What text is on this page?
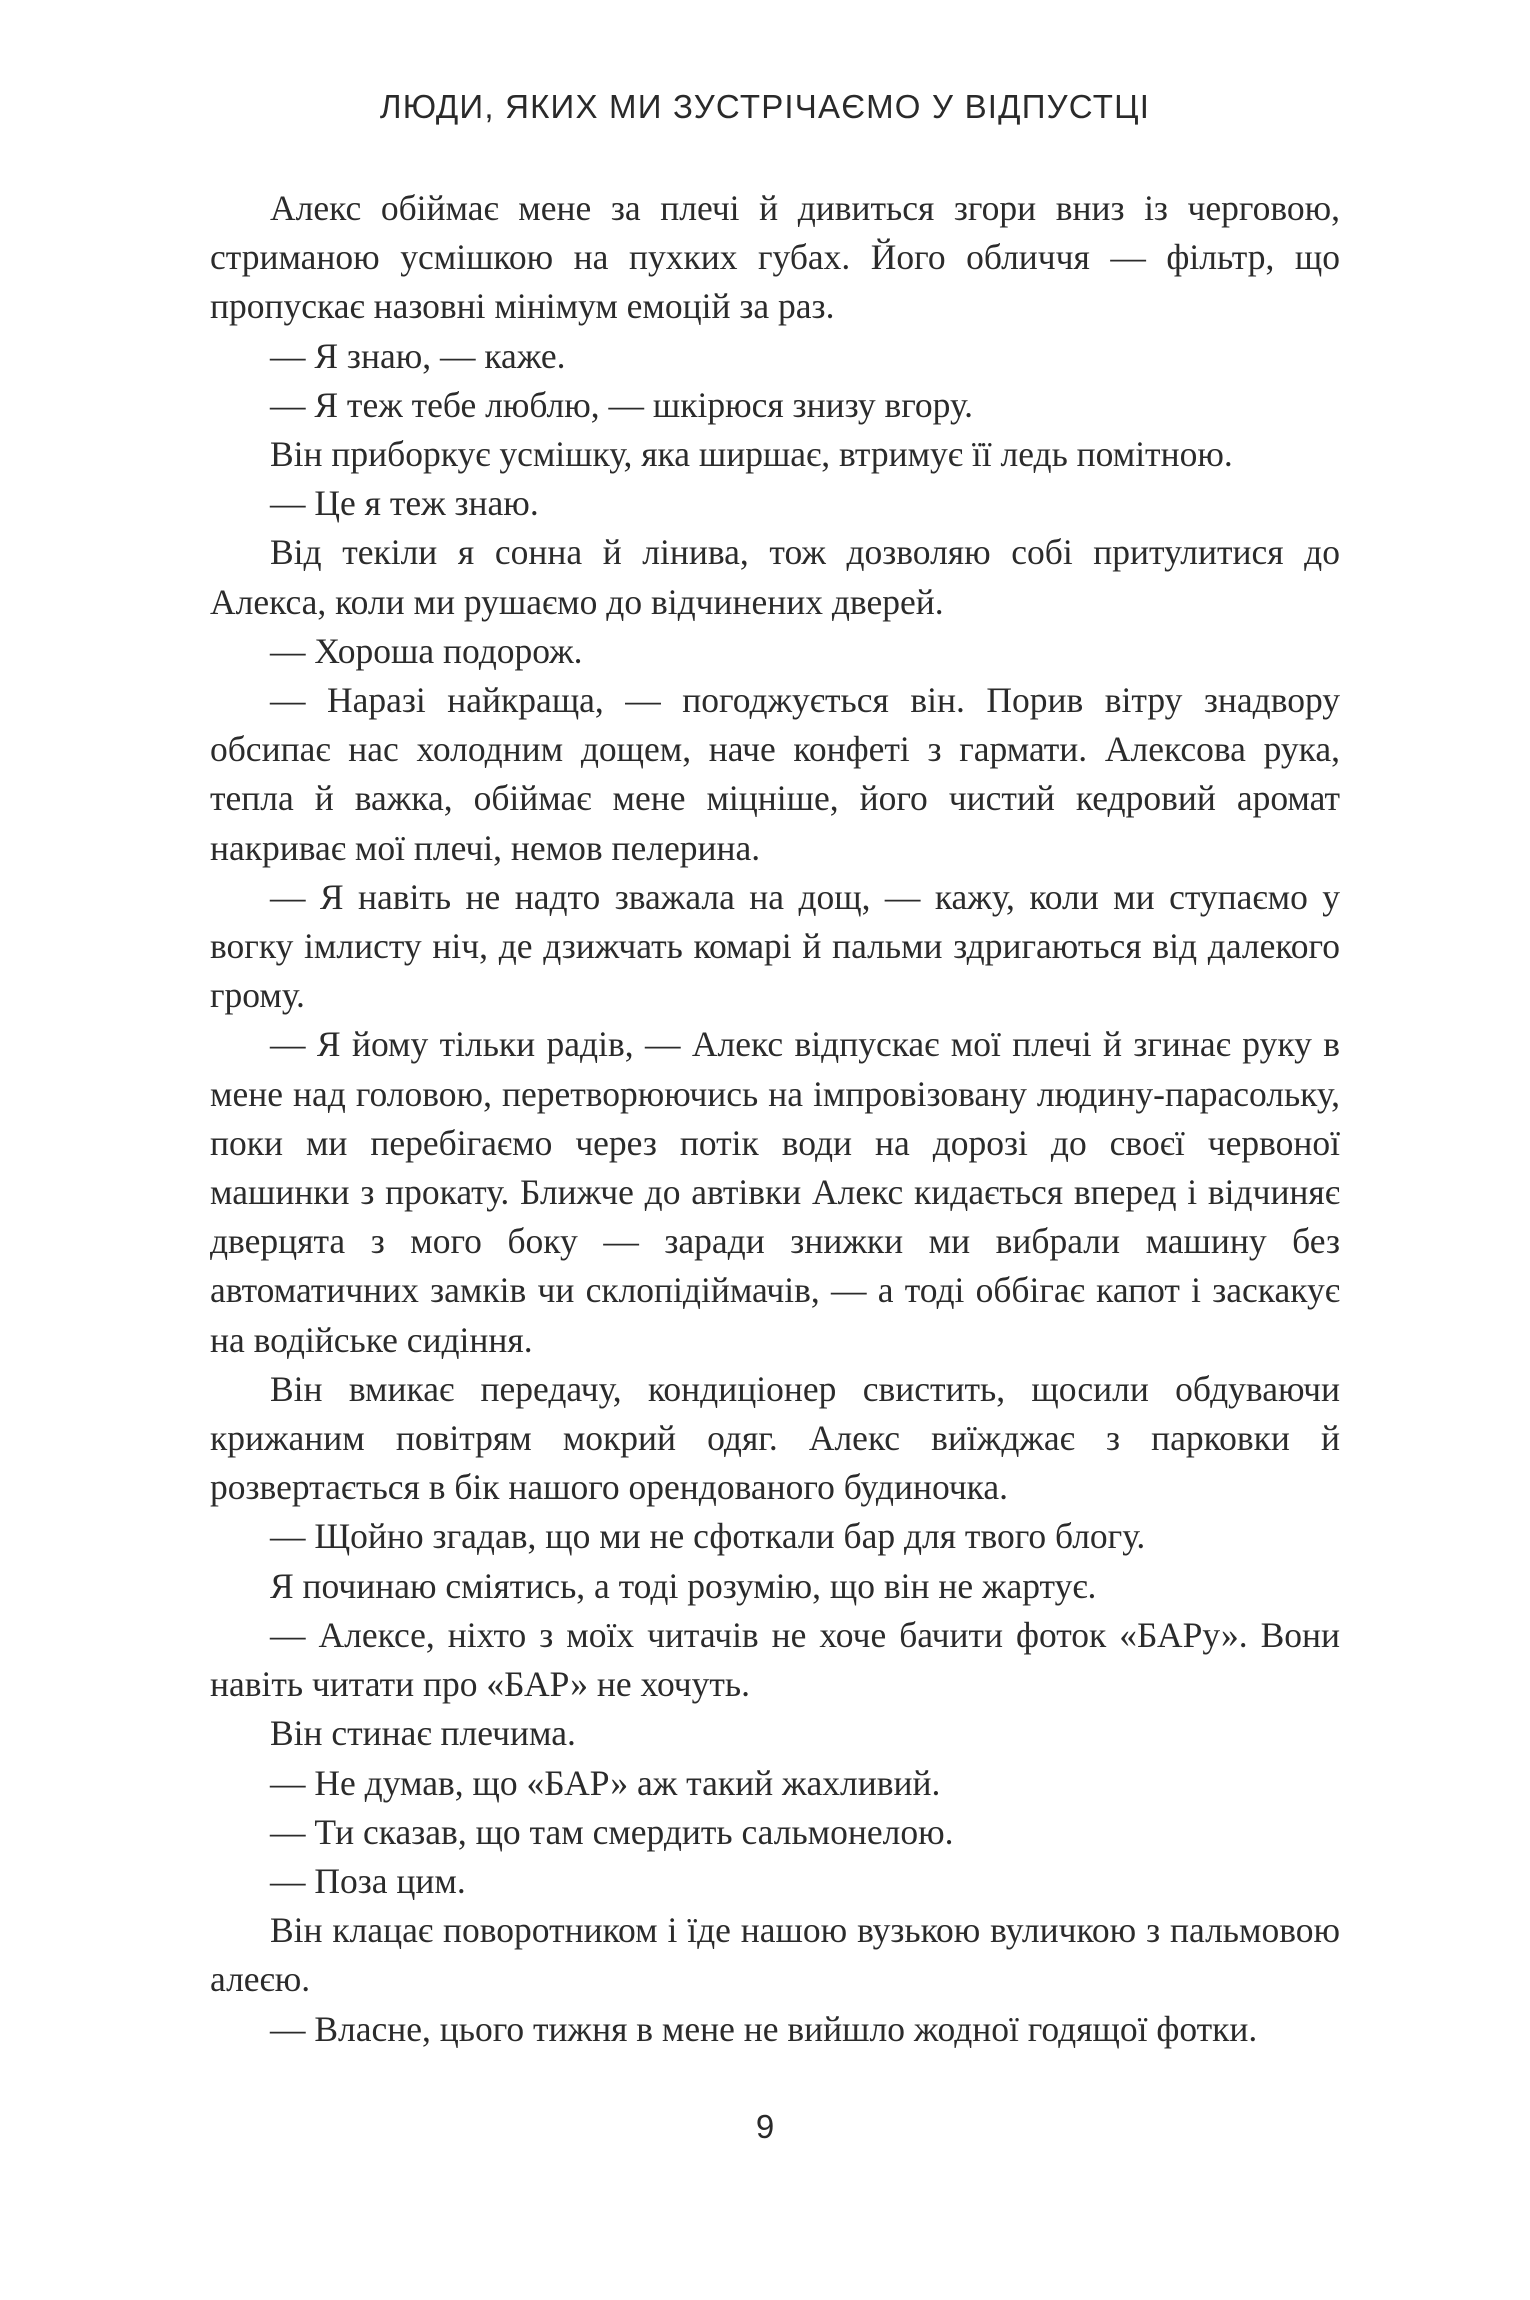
ЛЮДИ, ЯКИХ МИ ЗУСТРІЧАЄМО У ВІДПУСТЦІ

Алекс обіймає мене за плечі й дивиться згори вниз із черговою, стриманою усмішкою на пухких губах. Його обличчя — фільтр, що пропускає назовні мінімум емоцій за раз.

— Я знаю, — каже.

— Я теж тебе люблю, — шкірюся знизу вгору.

Він приборкує усмішку, яка ширшає, втримує її ледь помітною.

— Це я теж знаю.

Від текіли я сонна й лінива, тож дозволяю собі притулитися до Алекса, коли ми рушаємо до відчинених дверей.

— Хороша подорож.

— Наразі найкраща, — погоджується він. Порив вітру знадвору обсипає нас холодним дощем, наче конфеті з гармати. Алексова рука, тепла й важка, обіймає мене міцніше, його чистий кедровий аромат накриває мої плечі, немов пелерина.

— Я навіть не надто зважала на дощ, — кажу, коли ми ступаємо у вогку імлисту ніч, де дзижчать комарі й пальми здригаються від далекого грому.

— Я йому тільки радів, — Алекс відпускає мої плечі й згинає руку в мене над головою, перетворюючись на імпровізовану людину-парасольку, поки ми перебігаємо через потік води на дорозі до своєї червоної машинки з прокату. Ближче до автівки Алекс кидається вперед і відчиняє дверцята з мого боку — заради знижки ми вибрали машину без автоматичних замків чи склопідіймачів, — а тоді оббігає капот і заскакує на водійське сидіння.

Він вмикає передачу, кондиціонер свистить, щосили обдуваючи крижаним повітрям мокрий одяг. Алекс виїжджає з парковки й розвертається в бік нашого орендованого будиночка.

— Щойно згадав, що ми не сфоткали бар для твого блогу.

Я починаю сміятись, а тоді розумію, що він не жартує.

— Алексе, ніхто з моїх читачів не хоче бачити фоток «БАРу». Вони навіть читати про «БАР» не хочуть.

Він стинає плечима.

— Не думав, що «БАР» аж такий жахливий.

— Ти сказав, що там смердить сальмонелою.

— Поза цим.

Він клацає поворотником і їде нашою вузькою вуличкою з пальмовою алеєю.

— Власне, цього тижня в мене не вийшло жодної годящої фотки.

9
